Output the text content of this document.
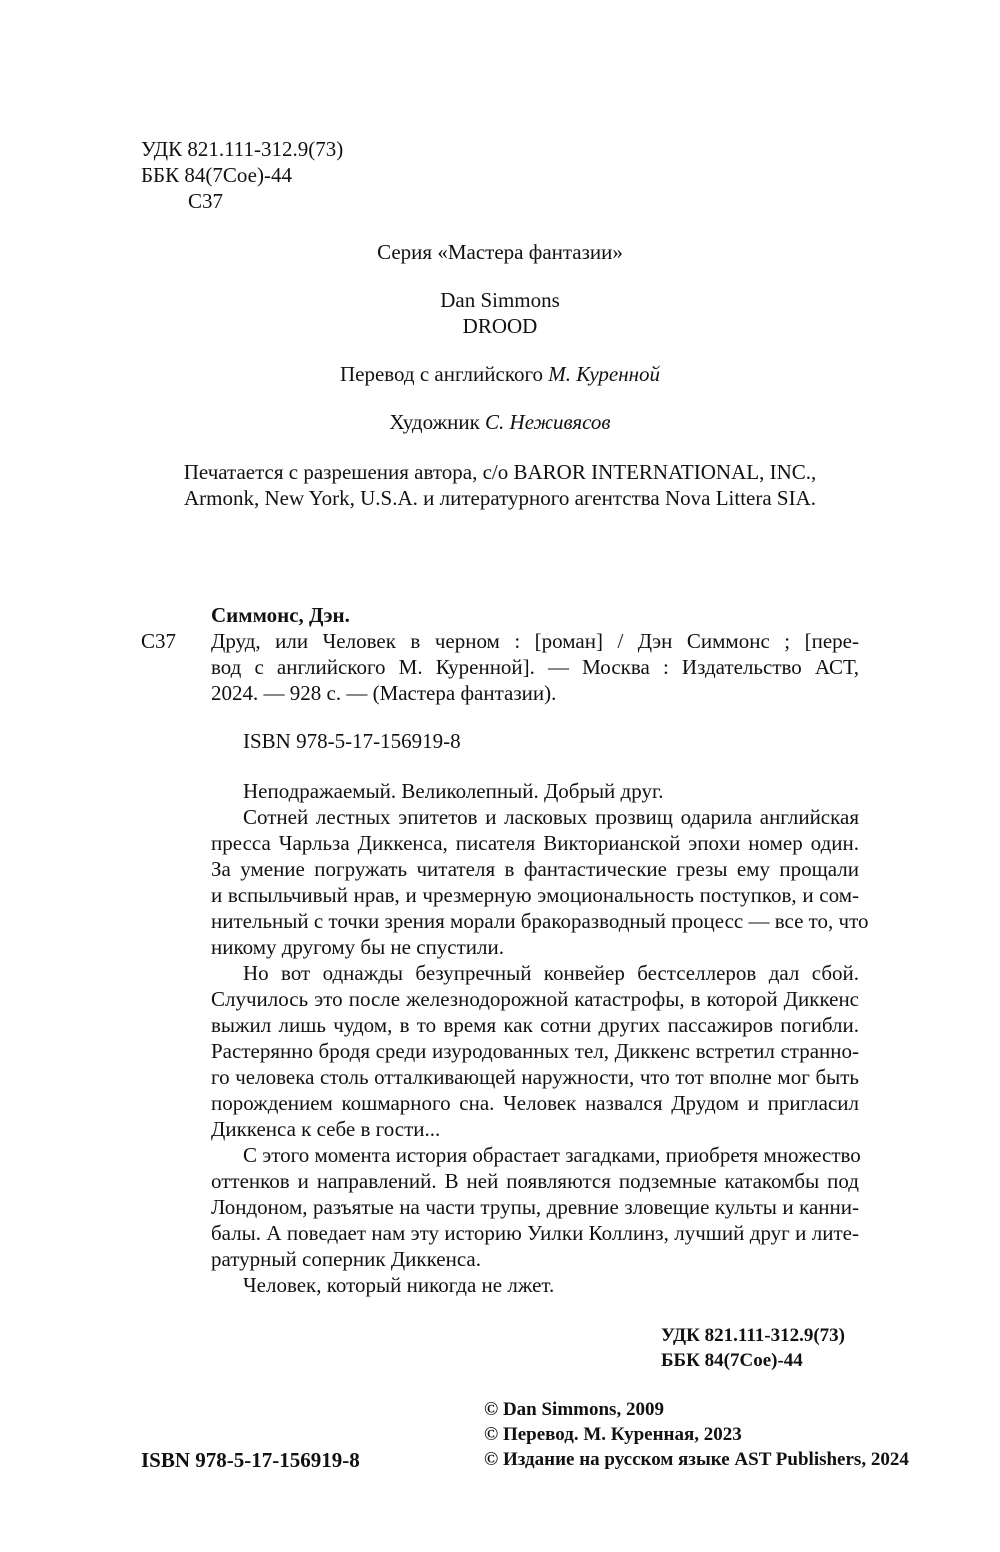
УДК 821.111-312.9(73)
ББК 84(7Сое)-44
С37
Серия «Мастера фантазии»
Dan Simmons
DROOD
Перевод с английского М. Куренной
Художник С. Неживясов
Печатается с разрешения автора, c/o BAROR INTERNATIONAL, INC.,
Armonk, New York, U.S.A. и литературного агентства Nova Littera SIA.
Симмонс, Дэн.
С37 Друд, или Человек в черном : [роман] / Дэн Симмонс ; [пере-
вод с английского М. Куренной]. — Москва : Издательство АСТ,
2024. — 928 с. — (Мастера фантазии).
ISBN 978-5-17-156919-8
Неподражаемый. Великолепный. Добрый друг.
Сотней лестных эпитетов и ласковых прозвищ одарила английская
пресса Чарльза Диккенса, писателя Викторианской эпохи номер один.
За умение погружать читателя в фантастические грезы ему прощали
и вспыльчивый нрав, и чрезмерную эмоциональность поступков, и сом-
нительный с точки зрения морали бракоразводный процесс — все то, что
никому другому бы не спустили.
Но вот однажды безупречный конвейер бестселлеров дал сбой.
Случилось это после железнодорожной катастрофы, в которой Диккенс
выжил лишь чудом, в то время как сотни других пассажиров погибли.
Растерянно бродя среди изуродованных тел, Диккенс встретил странно-
го человека столь отталкивающей наружности, что тот вполне мог быть
порождением кошмарного сна. Человек назвался Друдом и пригласил
Диккенса к себе в гости...
С этого момента история обрастает загадками, приобретя множество
оттенков и направлений. В ней появляются подземные катакомбы под
Лондоном, разъятые на части трупы, древние зловещие культы и канни-
балы. А поведает нам эту историю Уилки Коллинз, лучший друг и лите-
ратурный соперник Диккенса.
Человек, который никогда не лжет.
УДК 821.111-312.9(73)
ББК 84(7Сое)-44
© Dan Simmons, 2009
© Перевод. М. Куренная, 2023
© Издание на русском языке AST Publishers, 2024
ISBN 978-5-17-156919-8
